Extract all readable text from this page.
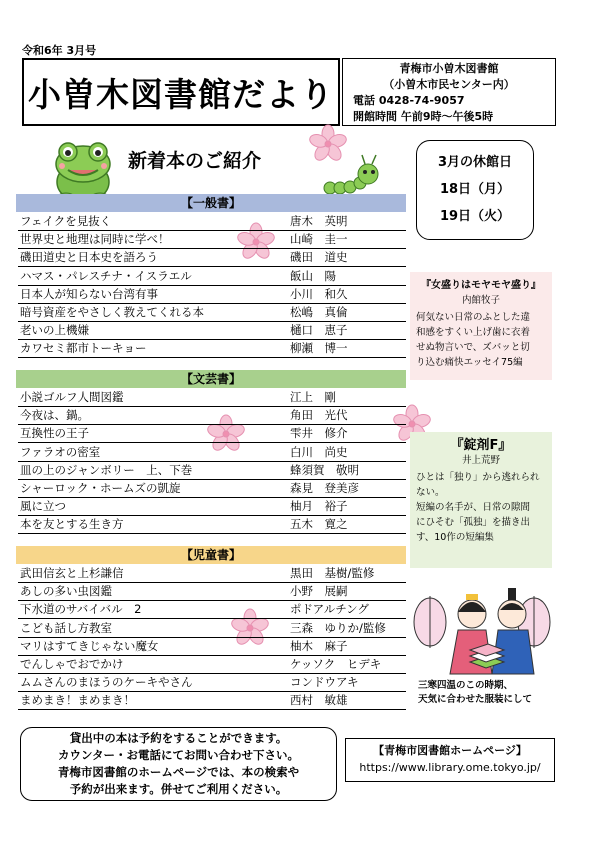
令和6年 3月号
小曽木図書館だより
青梅市小曽木図書館
（小曽木市民センター内）
電話 0428-74-9057
開館時間 午前9時～午後5時
新着本のご紹介	3月の休館日
18日（月）
19日（火）
【一般書】
フェイクを見抜く	唐木　英明
世界史と地理は同時に学べ！	山崎　圭一
磯田道史と日本史を語ろう	磯田　道史
ハマス・パレスチナ・イスラエル	飯山　陽
日本人が知らない台湾有事	小川　和久
暗号資産をやさしく教えてくれる本	松嶋　真倫
老いの上機嫌	樋口　恵子
カワセミ都市トーキョー	柳瀬　博一
【文芸書】
小説ゴルフ人間図鑑	江上　剛
今夜は、鍋。	角田　光代
互換性の王子	雫井　修介
ファラオの密室	白川　尚史
皿の上のジャンボリー　上、下巻	蜂須賀　敬明
シャーロック・ホームズの凱旋	森見　登美彦
風に立つ	柚月　裕子
本を友とする生き方	五木　寛之
【児童書】
武田信玄と上杉謙信	黒田　基樹/監修
あしの多い虫図鑑	小野　展嗣
下水道のサバイバル　2	ポドアルチング
こども話し方教室	三森　ゆりか/監修
マリはすてきじゃない魔女	柚木　麻子
でんしゃでおでかけ	ケッソク　ヒデキ
ムムさんのまほうのケーキやさん	コンドウアキ
まめまき！まめまき！	西村　敏雄
『女盛りはモヤモヤ盛り』
内館牧子
何気ない日常のふとした違
和感をすくい上げ歯に衣着
せぬ物言いで、ズバッと切
り込む痛快エッセイ75編
『錠剤F』
井上荒野
ひとは「独り」から逃れられ
ない。
短編の名手が、日常の隙間
にひそむ「孤独」を描き出
す、10作の短編集
三寒四温のこの時期、
天気に合わせた服装にして
貸出中の本は予約をすることができます。
カウンター・お電話にてお問い合わせ下さい。
青梅市図書館のホームページでは、本の検索や
予約が出来ます。併せてご利用ください。
【青梅市図書館ホームページ】
https://www.library.ome.tokyo.jp/
